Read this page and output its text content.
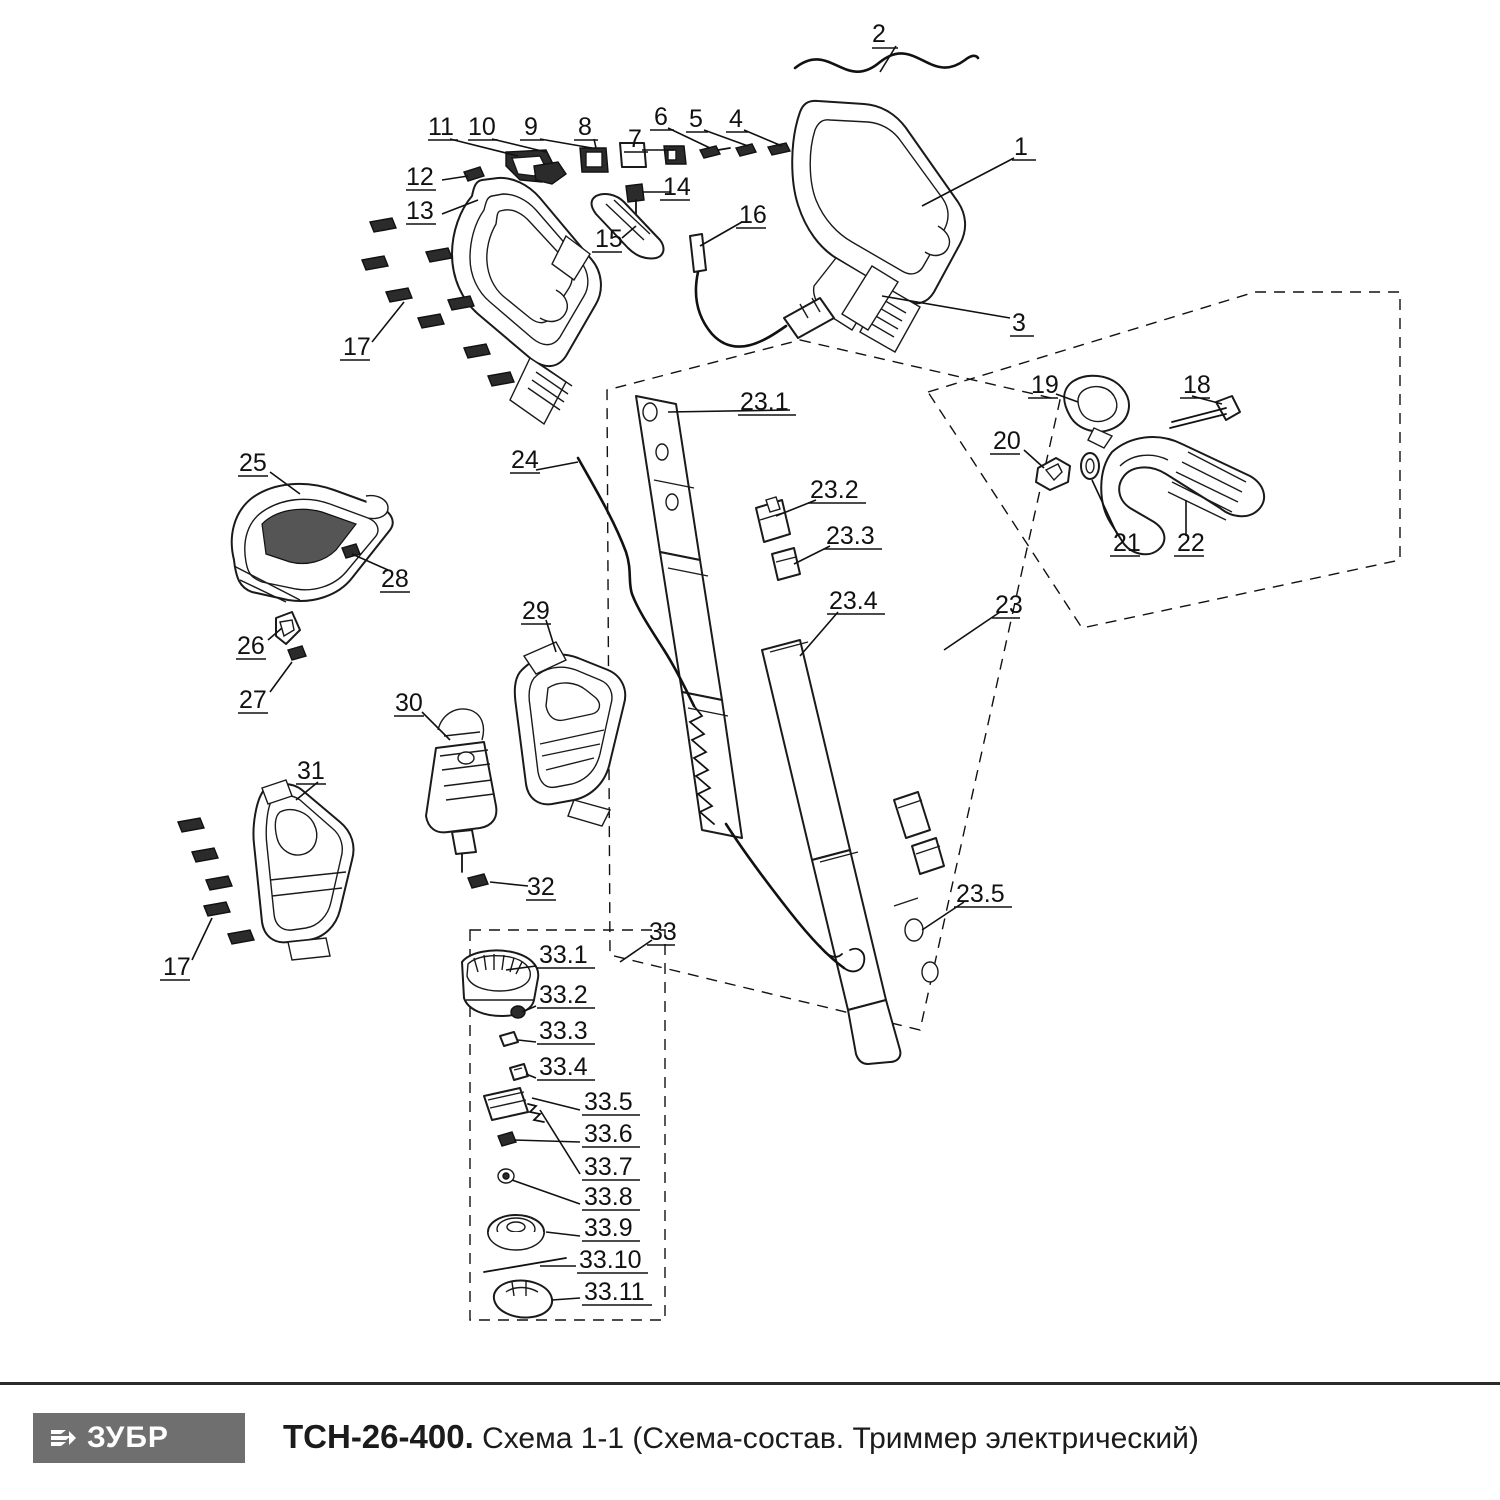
2
1
3
4
5
6
7
8
9
10
11
12
13
14
15
16
17
17
18
19
20
21 22
23
23.1
23.2
23.3
23.4
23.5
24
25
26
27
28
29
30
31
32
33
33.1
33.2
33.3
33.4
33.5
33.6
33.7
33.8
33.9
33.10
33.11
ЗУБР	ТСН-26-400. Схема 1-1 (Схема-состав. Триммер электрический)
